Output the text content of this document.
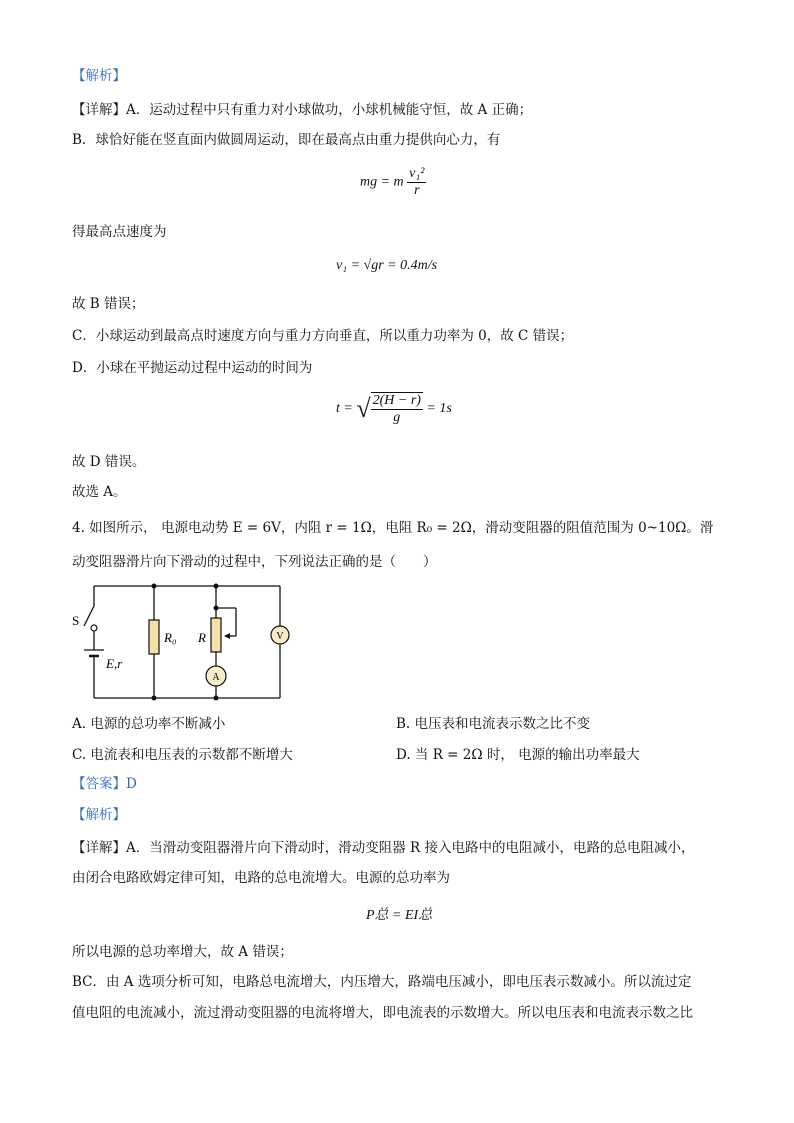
【解析】
【详解】A．运动过程中只有重力对小球做功，小球机械能守恒，故 A 正确；
B．球恰好能在竖直面内做圆周运动，即在最高点由重力提供向心力，有
mg = m $\frac{\text{v₁²}}{r}$
得最高点速度为
v₁ = √gr = 0.4m/s
故 B 错误；
C．小球运动到最高点时速度方向与重力方向垂直，所以重力功率为 0，故 C 错误；
D．小球在平抛运动过程中运动的时间为
t = √ $\frac{2(H - r)}{g} = 1s$
故 D 错误。
故选 A。
4. 如图所示， 电源电动势 E = 6V，内阻 r = 1Ω，电阻 R₀ = 2Ω，滑动变阻器的阻值范围为 0~10Ω。滑
动变阻器滑片向下滑动的过程中，下列说法正确的是（　　）
S
E,r
R₀ R
A
V
A. 电源的总功率不断减小	B. 电压表和电流表示数之比不变
C. 电流表和电压表的示数都不断增大	D. 当 R = 2Ω 时， 电源的输出功率最大
【答案】D
【解析】
【详解】A．当滑动变阻器滑片向下滑动时，滑动变阻器 R 接入电路中的电阻减小，电路的总电阻减小，
由闭合电路欧姆定律可知，电路的总电流增大。电源的总功率为
P总 = EI总
所以电源的总功率增大，故 A 错误；
BC．由 A 选项分析可知，电路总电流增大，内压增大，路端电压减小，即电压表示数减小。所以流过定
值电阻的电流减小，流过滑动变阻器的电流将增大，即电流表的示数增大。所以电压表和电流表示数之比
